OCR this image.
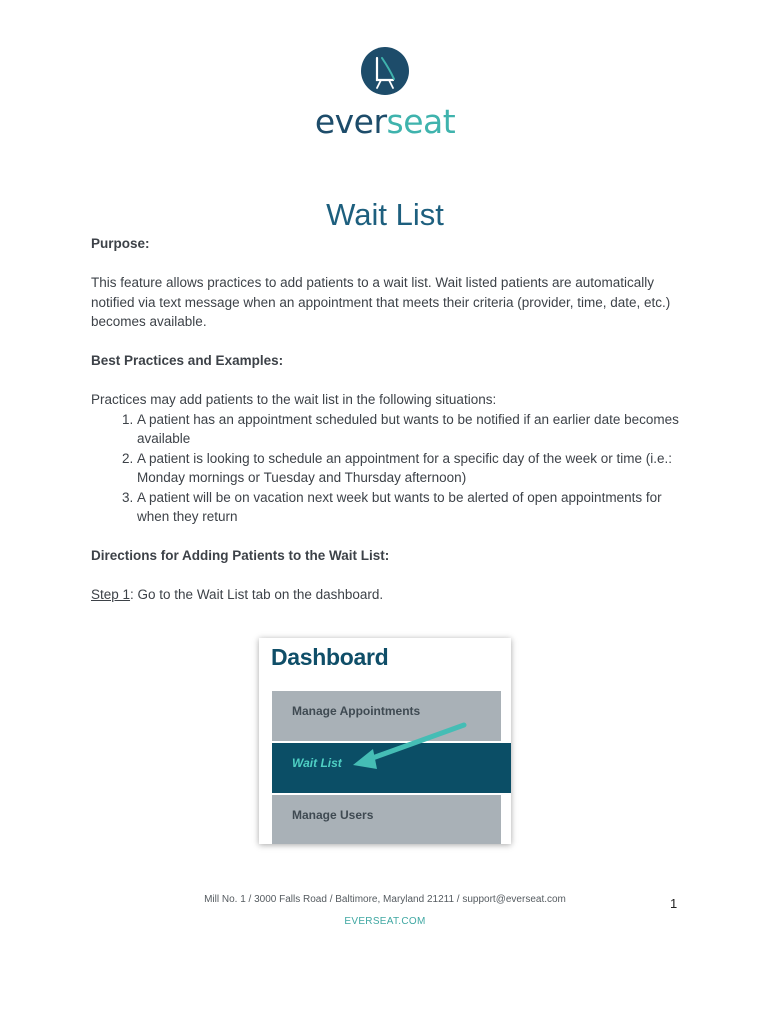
everseat
Wait List

Purpose:

This feature allows practices to add patients to a wait list. Wait listed patients are automatically notified via text message when an appointment that meets their criteria (provider, time, date, etc.) becomes available.

Best Practices and Examples:

Practices may add patients to the wait list in the following situations:

1. A patient has an appointment scheduled but wants to be notified if an earlier date becomes available
2. A patient is looking to schedule an appointment for a specific day of the week or time (i.e.: Monday mornings or Tuesday and Thursday afternoon)
3. A patient will be on vacation next week but wants to be alerted of open appointments for when they return

Directions for Adding Patients to the Wait List:

Step 1: Go to the Wait List tab on the dashboard.

Dashboard
Manage Appointments
Wait List
Manage Users
Mill No. 1 / 3000 Falls Road / Baltimore, Maryland 21211 / support@everseat.com
EVERSEAT.COM
1
